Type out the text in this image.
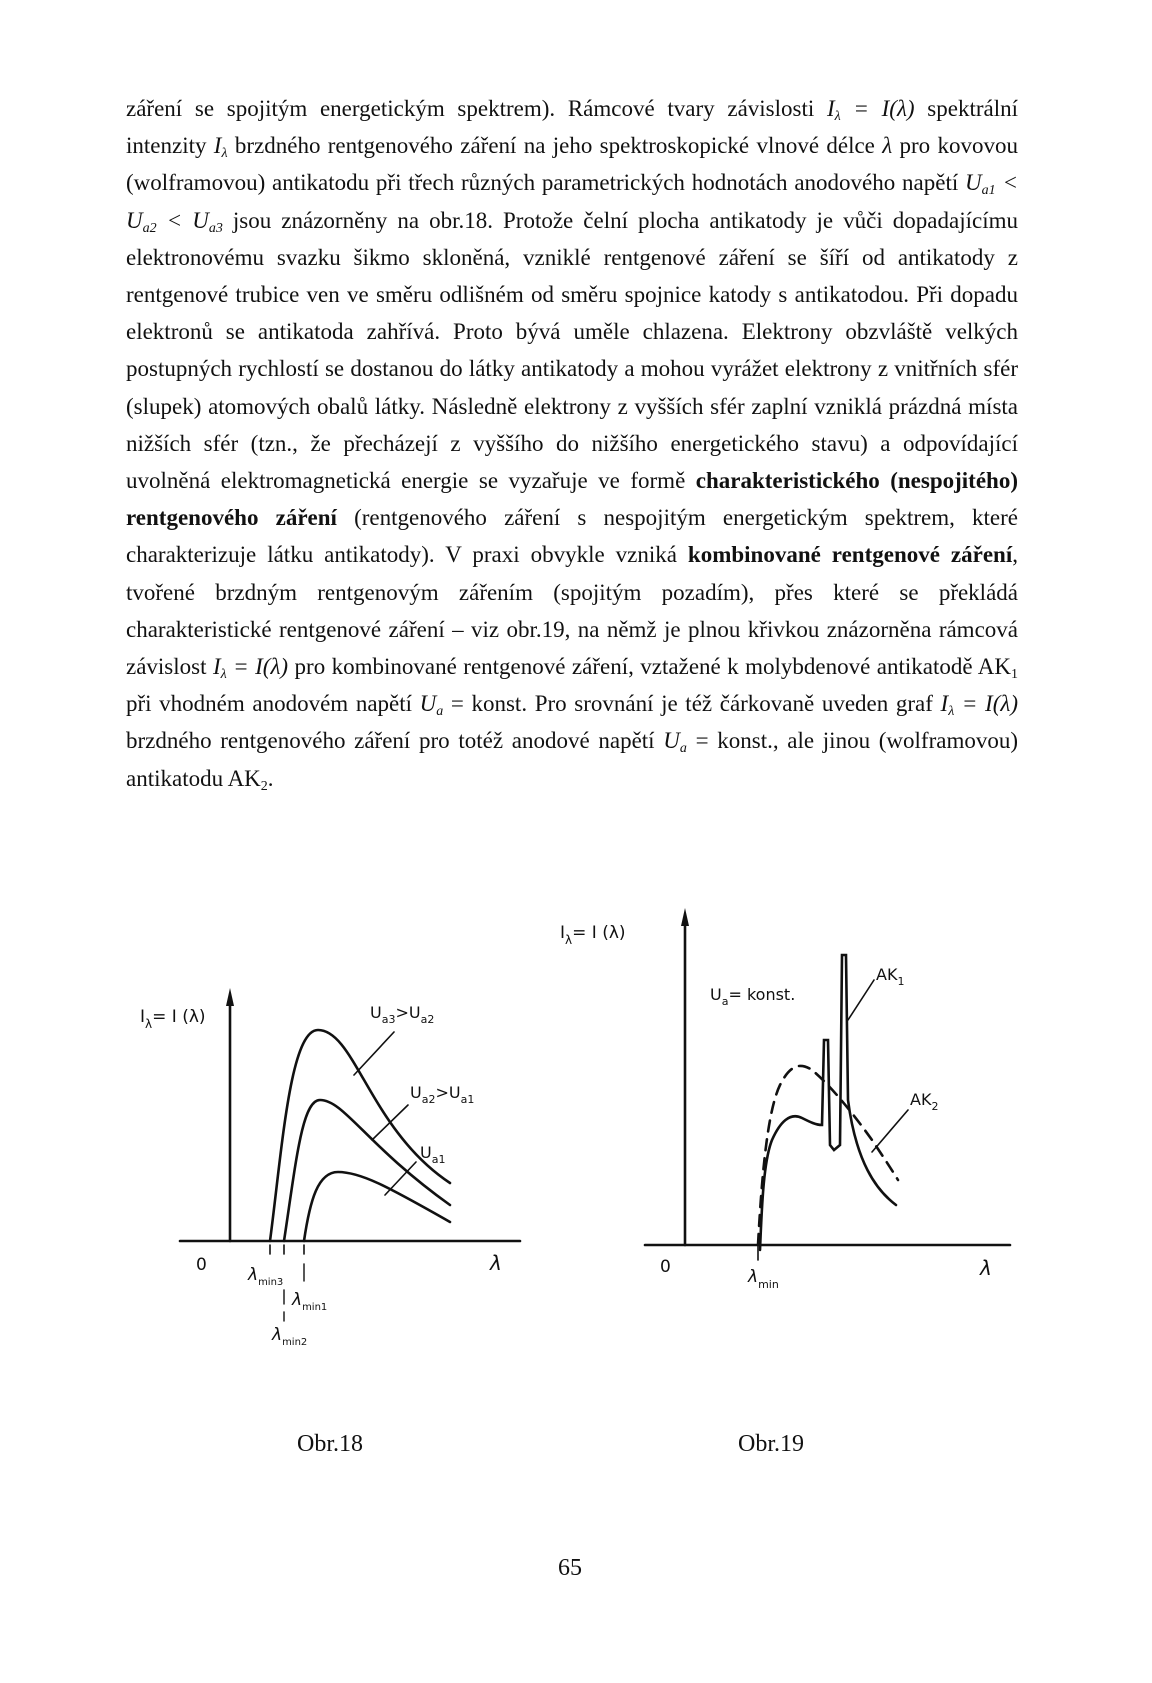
záření se spojitým energetickým spektrem). Rámcové tvary závislosti $I_\lambda = I(\lambda)$ spektrální intenzity $I_\lambda$ brzdného rentgenového záření na jeho spektroskopické vlnové délce λ pro kovovou (wolframovou) antikatodu při třech různých parametrických hodnotách anodového napětí $U_{a1} < U_{a2} < U_{a3}$ jsou znázorněny na obr.18. Protože čelní plocha antikatody je vůči dopadajícímu elektronovému svazku šikmo skloněná, vzniklé rentgenové záření se šíří od antikatody z rentgenové trubice ven ve směru odlišném od směru spojnice katody s antikatodou. Při dopadu elektronů se antikatoda zahřívá. Proto bývá uměle chlazena. Elektrony obzvláště velkých postupných rychlostí se dostanou do látky antikatody a mohou vyrážet elektrony z vnitřních sfér (slupek) atomových obalů látky. Následně elektrony z vyšších sfér zaplní vzniklá prázdná místa nižších sfér (tzn., že přecházejí z vyššího do nižšího energetického stavu) a odpovídající uvolněná elektromagnetická energie se vyzařuje ve formě charakteristického (nespojitého) rentgenového záření (rentgenového záření s nespojitým energetickým spektrem, které charakterizuje látku antikatody). V praxi obvykle vzniká kombinované rentgenové záření, tvořené brzdným rentgenovým zářením (spojitým pozadím), přes které se překládá charakteristické rentgenové záření – viz obr.19, na němž je plnou křivkou znázorněna rámcová závislost $I_\lambda = I(\lambda)$ pro kombinované rentgenové záření, vztažené k molybdenové antikatodě $AK_1$ při vhodném anodovém napětí $U_a$ = konst. Pro srovnání je též čárkovaně uveden graf $I_\lambda = I(\lambda)$ brzdného rentgenového záření pro totéž anodové napětí $U_a$ = konst., ale jinou (wolframovou) antikatodu $AK_2$.

$I_\lambda= I$ (λ)
0	λ
$U_{a3}>U_{a2}$
$U_{a2}>U_{a1}$
$U_{a1}$
$\lambda_{min3}$
$\lambda_{min1}$
$\lambda_{min2}$
$I_\lambda= I$ (λ)
0	λ
$U_a=$ konst.
$AK_1$
$AK_2$
$\lambda_{min}$
Obr.18	Obr.19
65
